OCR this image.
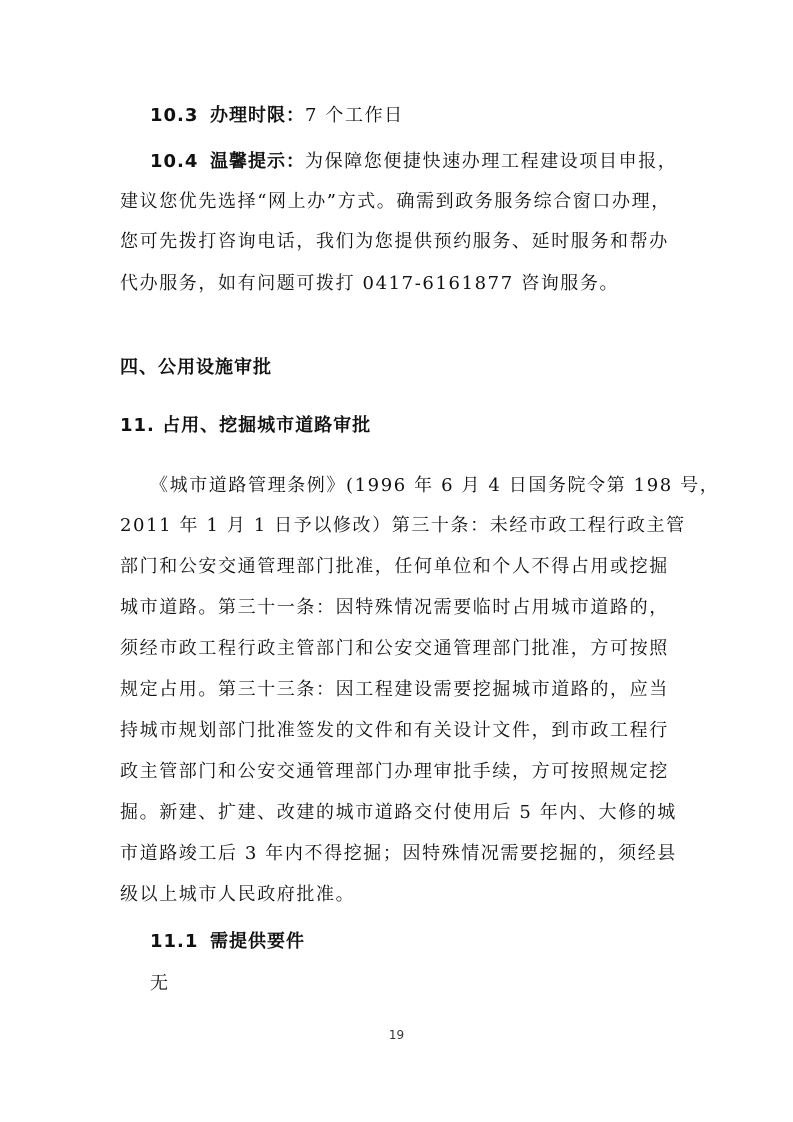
10.3 办理时限：7 个工作日
10.4 温馨提示：为保障您便捷快速办理工程建设项目申报，
建议您优先选择“网上办”方式。确需到政务服务综合窗口办理，
您可先拨打咨询电话，我们为您提供预约服务、延时服务和帮办
代办服务，如有问题可拨打 0417-6161877 咨询服务。
四、公用设施审批
11. 占用、挖掘城市道路审批
《城市道路管理条例》(1996 年 6 月 4 日国务院令第 198 号，
2011 年 1 月 1 日予以修改）第三十条：未经市政工程行政主管
部门和公安交通管理部门批准，任何单位和个人不得占用或挖掘
城市道路。第三十一条：因特殊情况需要临时占用城市道路的，
须经市政工程行政主管部门和公安交通管理部门批准，方可按照
规定占用。第三十三条：因工程建设需要挖掘城市道路的，应当
持城市规划部门批准签发的文件和有关设计文件，到市政工程行
政主管部门和公安交通管理部门办理审批手续，方可按照规定挖
掘。新建、扩建、改建的城市道路交付使用后 5 年内、大修的城
市道路竣工后 3 年内不得挖掘；因特殊情况需要挖掘的，须经县
级以上城市人民政府批准。
11.1 需提供要件
无
19
